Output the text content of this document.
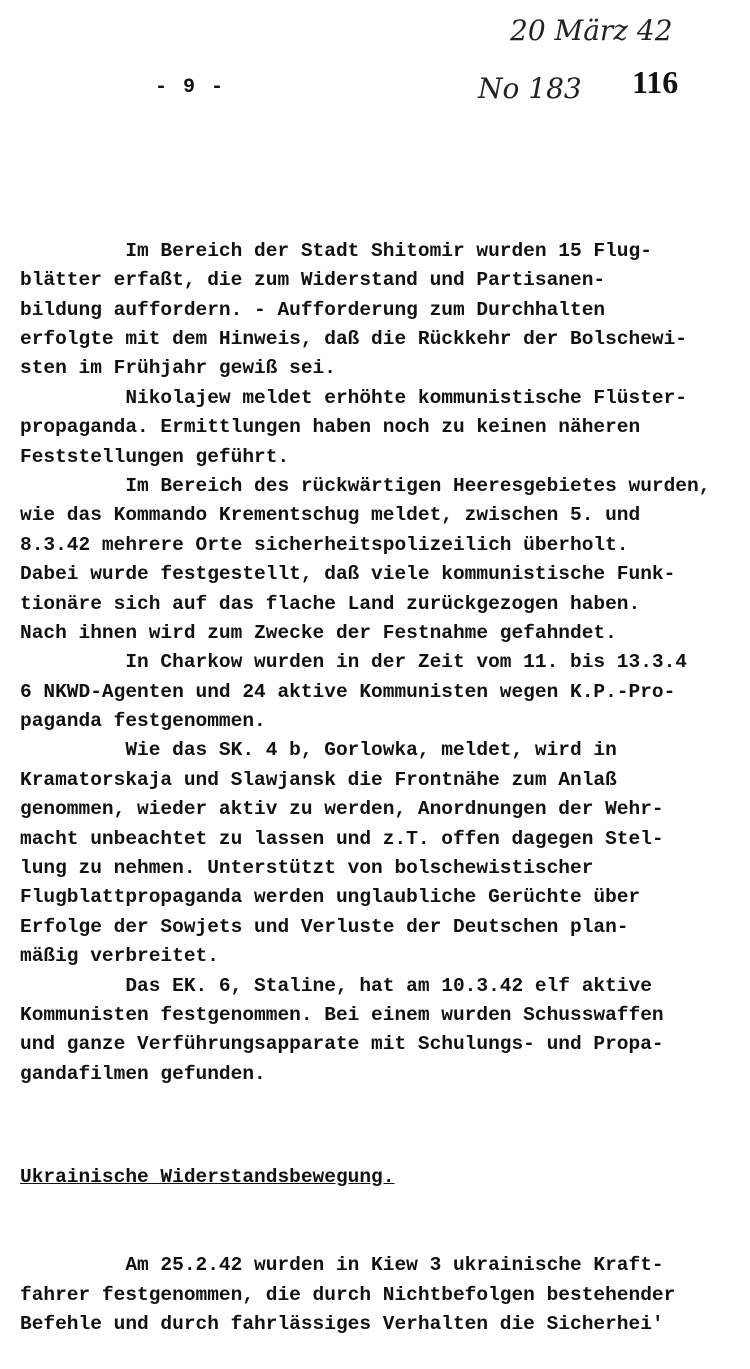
- 9 -
20 März 42
No 183 116

Im Bereich der Stadt Shitomir wurden 15 Flug-
blätter erfaßt, die zum Widerstand und Partisanen-
bildung auffordern. - Aufforderung zum Durchhalten
erfolgte mit dem Hinweis, daß die Rückkehr der Bolschewi-
sten im Frühjahr gewiß sei.
Nikolajew meldet erhöhte kommunistische Flüster-
propaganda. Ermittlungen haben noch zu keinen näheren
Feststellungen geführt.
Im Bereich des rückwärtigen Heeresgebietes wurden,
wie das Kommando Krementschug meldet, zwischen 5. und
8.3.42 mehrere Orte sicherheitspolizeilich überholt.
Dabei wurde festgestellt, daß viele kommunistische Funk-
tionäre sich auf das flache Land zurückgezogen haben.
Nach ihnen wird zum Zwecke der Festnahme gefahndet.
In Charkow wurden in der Zeit vom 11. bis 13.3.4
6 NKWD-Agenten und 24 aktive Kommunisten wegen K.P.-Pro-
paganda festgenommen.
Wie das SK. 4 b, Gorlowka, meldet, wird in
Kramatorskaja und Slawjansk die Frontnähe zum Anlaß
genommen, wieder aktiv zu werden, Anordnungen der Wehr-
macht unbeachtet zu lassen und z.T. offen dagegen Stel-
lung zu nehmen. Unterstützt von bolschewistischer
Flugblattpropaganda werden unglaubliche Gerüchte über
Erfolge der Sowjets und Verluste der Deutschen plan-
mäßig verbreitet.
Das EK. 6, Staline, hat am 10.3.42 elf aktive
Kommunisten festgenommen. Bei einem wurden Schusswaffen
und ganze Verführungsapparate mit Schulungs- und Propa-
gandafilmen gefunden.

Ukrainische Widerstandsbewegung.

Am 25.2.42 wurden in Kiew 3 ukrainische Kraft-
fahrer festgenommen, die durch Nichtbefolgen bestehender
Befehle und durch fahrlässiges Verhalten die Sicherhei'
